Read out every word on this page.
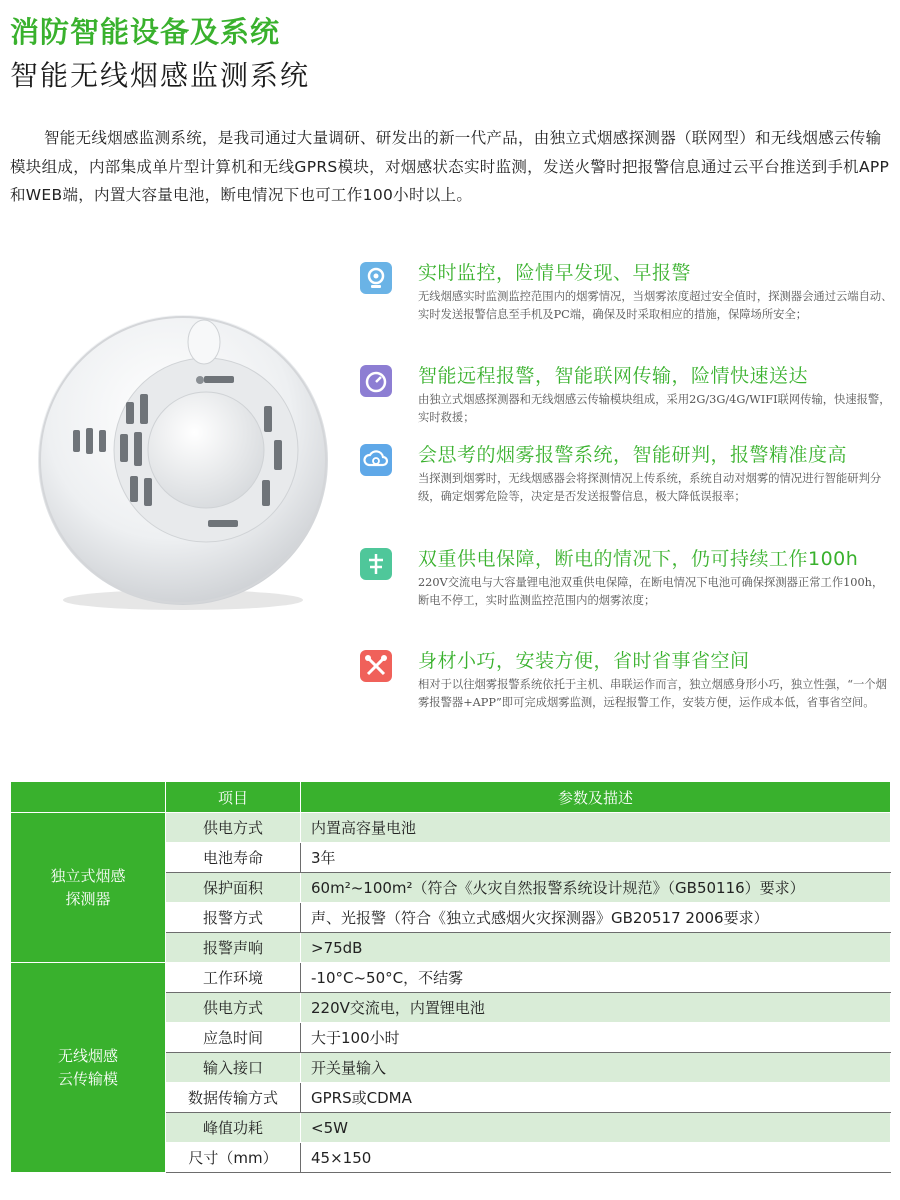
消防智能设备及系统
智能无线烟感监测系统
智能无线烟感监测系统，是我司通过大量调研、研发出的新一代产品，由独立式烟感探测器（联网型）和无线烟感云传输模块组成，内部集成单片型计算机和无线GPRS模块，对烟感状态实时监测，发送火警时把报警信息通过云平台推送到手机APP和WEB端，内置大容量电池，断电情况下也可工作100小时以上。
实时监控，险情早发现、早报警
无线烟感实时监测监控范围内的烟雾情况，当烟雾浓度超过安全值时，探测器会通过云端自动、实时发送报警信息至手机及PC端，确保及时采取相应的措施，保障场所安全；
智能远程报警，智能联网传输，险情快速送达
由独立式烟感探测器和无线烟感云传输模块组成，采用2G/3G/4G/WIFI联网传输，快速报警，实时救援；
会思考的烟雾报警系统，智能研判，报警精准度高
当探测到烟雾时，无线烟感器会将探测情况上传系统，系统自动对烟雾的情况进行智能研判分级，确定烟雾危险等，决定是否发送报警信息，极大降低误报率；
双重供电保障，断电的情况下，仍可持续工作100h
220V交流电与大容量锂电池双重供电保障，在断电情况下电池可确保探测器正常工作100h，断电不停工，实时监测监控范围内的烟雾浓度；
身材小巧，安装方便，省时省事省空间
相对于以往烟雾报警系统依托于主机、串联运作而言，独立烟感身形小巧，独立性强，“一个烟雾报警器+APP”即可完成烟雾监测，远程报警工作，安装方便，运作成本低，省事省空间。
	项目	参数及描述

独立式烟感
探测器	供电方式	内置高容量电池
	电池寿命	3年
	保护面积	60m²~100m²（符合《火灾自然报警系统设计规范》（GB50116）要求）
	报警方式	声、光报警（符合《独立式感烟火灾探测器》GB20517 2006要求）
	报警声响	>75dB

无线烟感
云传输模	工作环境	-10°C~50°C，不结雾
	供电方式	220V交流电，内置锂电池
	应急时间	大于100小时
	输入接口	开关量输入
	数据传输方式	GPRS或CDMA
	峰值功耗	<5W
	尺寸（mm）	45×150
